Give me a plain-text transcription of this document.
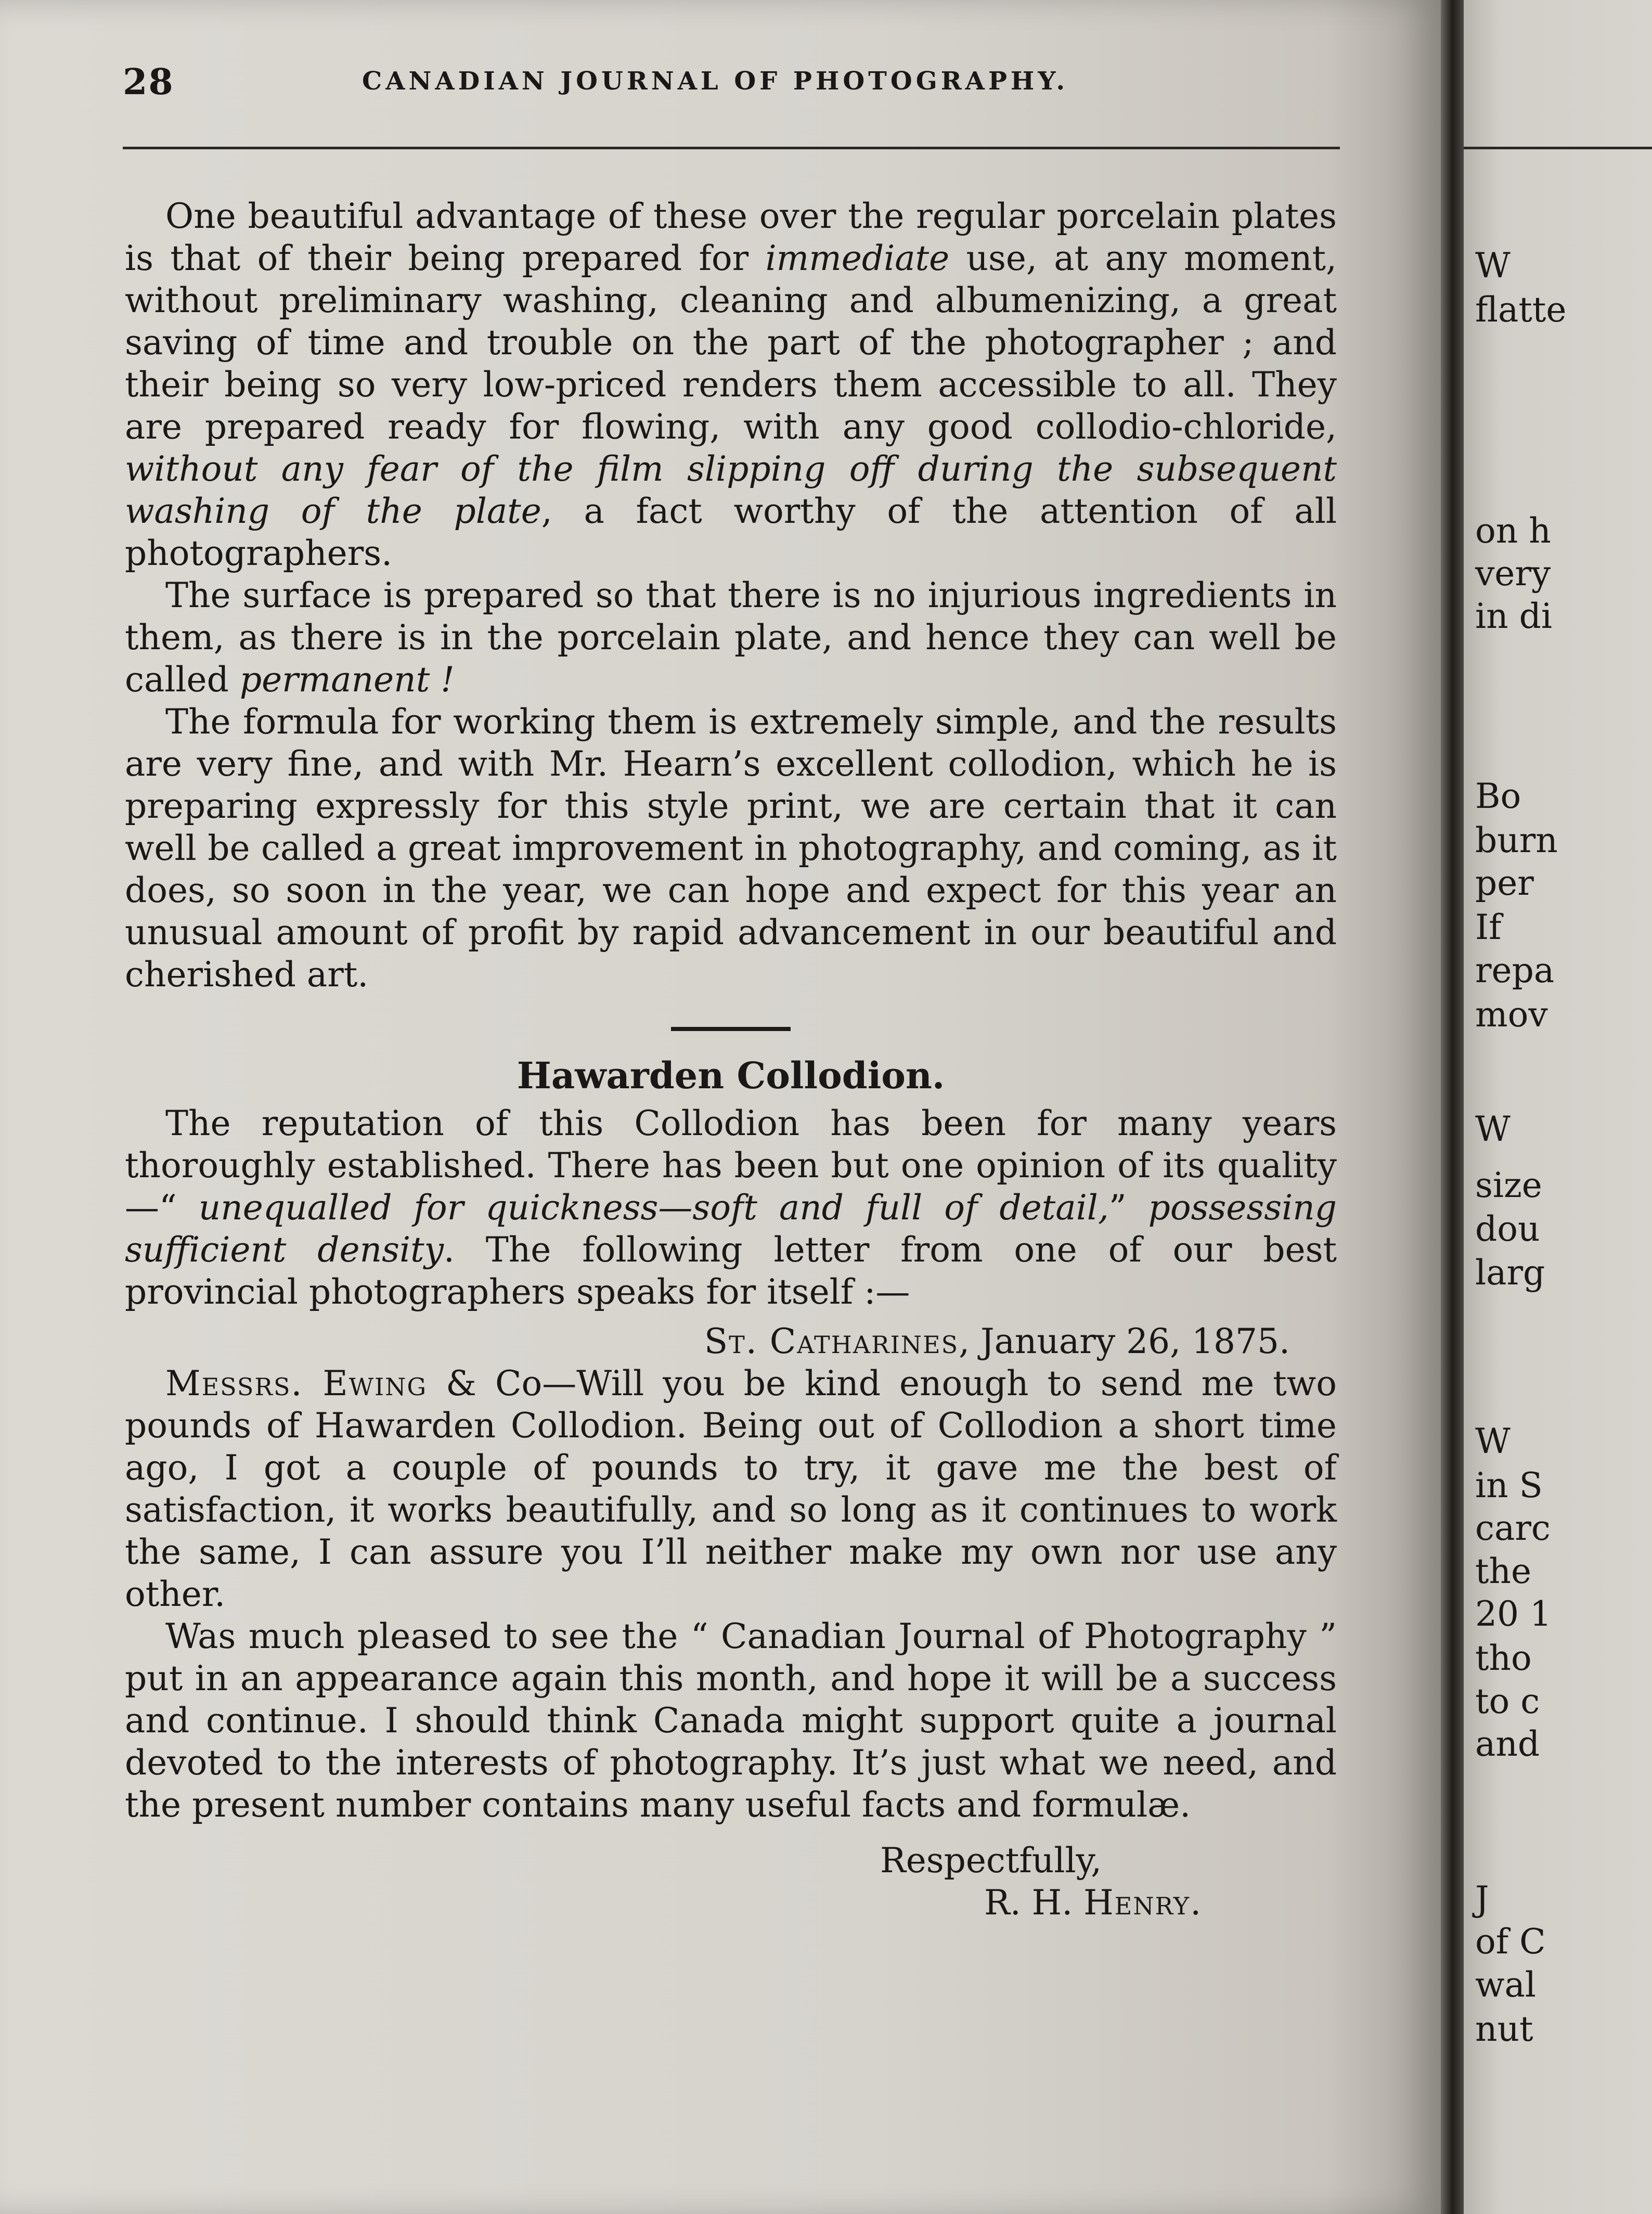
28	CANADIAN JOURNAL OF PHOTOGRAPHY.

One beautiful advantage of these over the regular porcelain plates is that of their being prepared for immediate use, at any moment, without preliminary washing, cleaning and albumenizing, a great saving of time and trouble on the part of the photographer ; and their being so very low-priced renders them accessible to all. They are prepared ready for flowing, with any good collodio-chloride, without any fear of the film slipping off during the subsequent washing of the plate, a fact worthy of the attention of all photographers.

The surface is prepared so that there is no injurious ingredients in them, as there is in the porcelain plate, and hence they can well be called permanent !

The formula for working them is extremely simple, and the results are very fine, and with Mr. Hearn’s excellent collodion, which he is preparing expressly for this style print, we are certain that it can well be called a great improvement in photography, and coming, as it does, so soon in the year, we can hope and expect for this year an unusual amount of profit by rapid advancement in our beautiful and cherished art.

Hawarden Collodion.

The reputation of this Collodion has been for many years thoroughly established. There has been but one opinion of its quality —“ unequalled for quickness—soft and full of detail,” possessing sufficient density. The following letter from one of our best provincial photographers speaks for itself :—

St. Catharines, January 26, 1875.

Messrs. Ewing & Co—Will you be kind enough to send me two pounds of Hawarden Collodion. Being out of Collodion a short time ago, I got a couple of pounds to try, it gave me the best of satisfaction, it works beautifully, and so long as it continues to work the same, I can assure you I’ll neither make my own nor use any other.

Was much pleased to see the “ Canadian Journal of Photography ” put in an appearance again this month, and hope it will be a success and continue. I should think Canada might support quite a journal devoted to the interests of photography. It’s just what we need, and the present number contains many useful facts and formulæ.

Respectfully,

R. H. Henry.

W
flatte
on h
very
in di
Bo
burn
per
If
repa
mov
W
size
dou
larg
W
in S
carc
the
20 1
tho
to c
and
J
of C
wal
nut
